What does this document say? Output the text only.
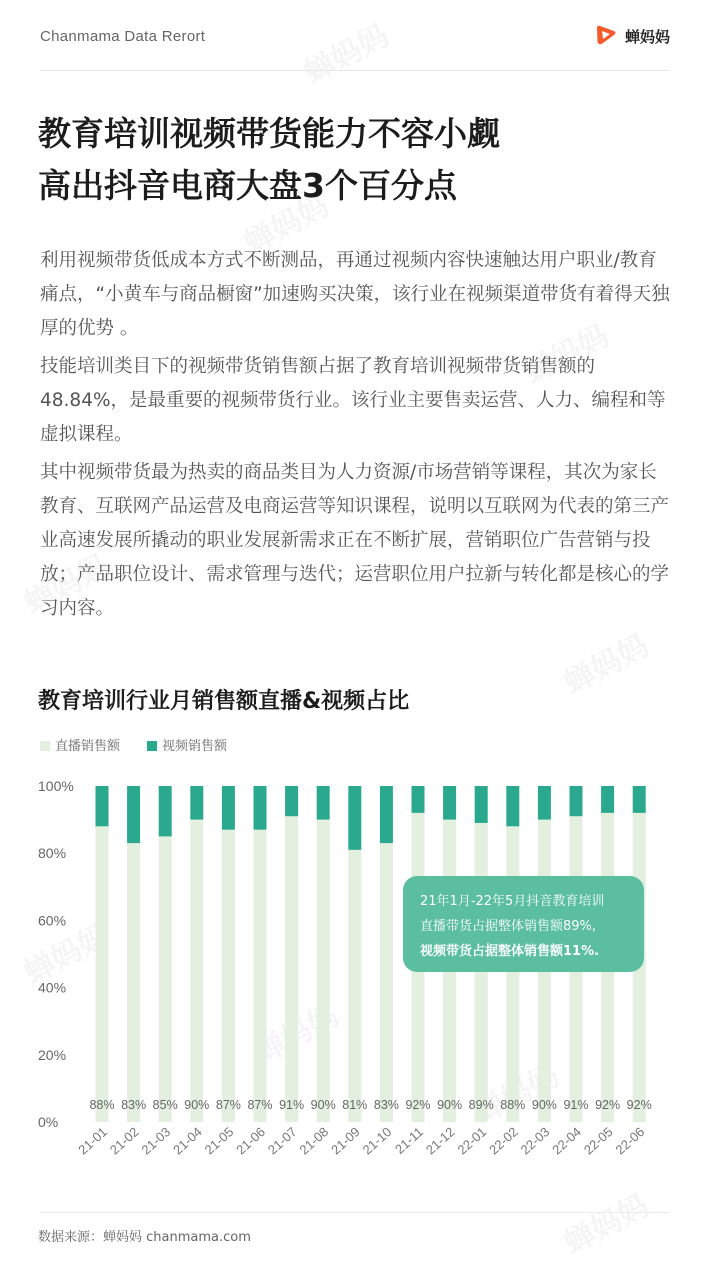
Chanmama Data Rerort	蝉妈妈
教育培训视频带货能力不容小觑
高出抖音电商大盘3个百分点

利用视频带货低成本方式不断测品，再通过视频内容快速触达用户职业/教育痛点，“小黄车与商品橱窗”加速购买决策，该行业在视频渠道带货有着得天独厚的优势 。

技能培训类目下的视频带货销售额占据了教育培训视频带货销售额的48.84%，是最重要的视频带货行业。该行业主要售卖运营、人力、编程和等虚拟课程。

其中视频带货最为热卖的商品类目为人力资源/市场营销等课程，其次为家长教育、互联网产品运营及电商运营等知识课程，说明以互联网为代表的第三产业高速发展所撬动的职业发展新需求正在不断扩展，营销职位广告营销与投放；产品职位设计、需求管理与迭代；运营职位用户拉新与转化都是核心的学习内容。

教育培训行业月销售额直播&视频占比
直播销售额	视频销售额
0%
20%
40%
60%
80%
100%
88%
21-01
83%
21-02
85%
21-03
90%
21-04
87%
21-05
87%
21-06
91%
21-07
90%
21-08
81%
21-09
83%
21-10
92%
21-11
90%
21-12
89%
22-01
88%
22-02
90%
22-03
91%
22-04
92%
22-05
92%
22-06
21年1月-22年5月抖音教育培训
直播带货占据整体销售额89%,
视频带货占据整体销售额11%.
数据来源：蝉妈妈 chanmama.com
